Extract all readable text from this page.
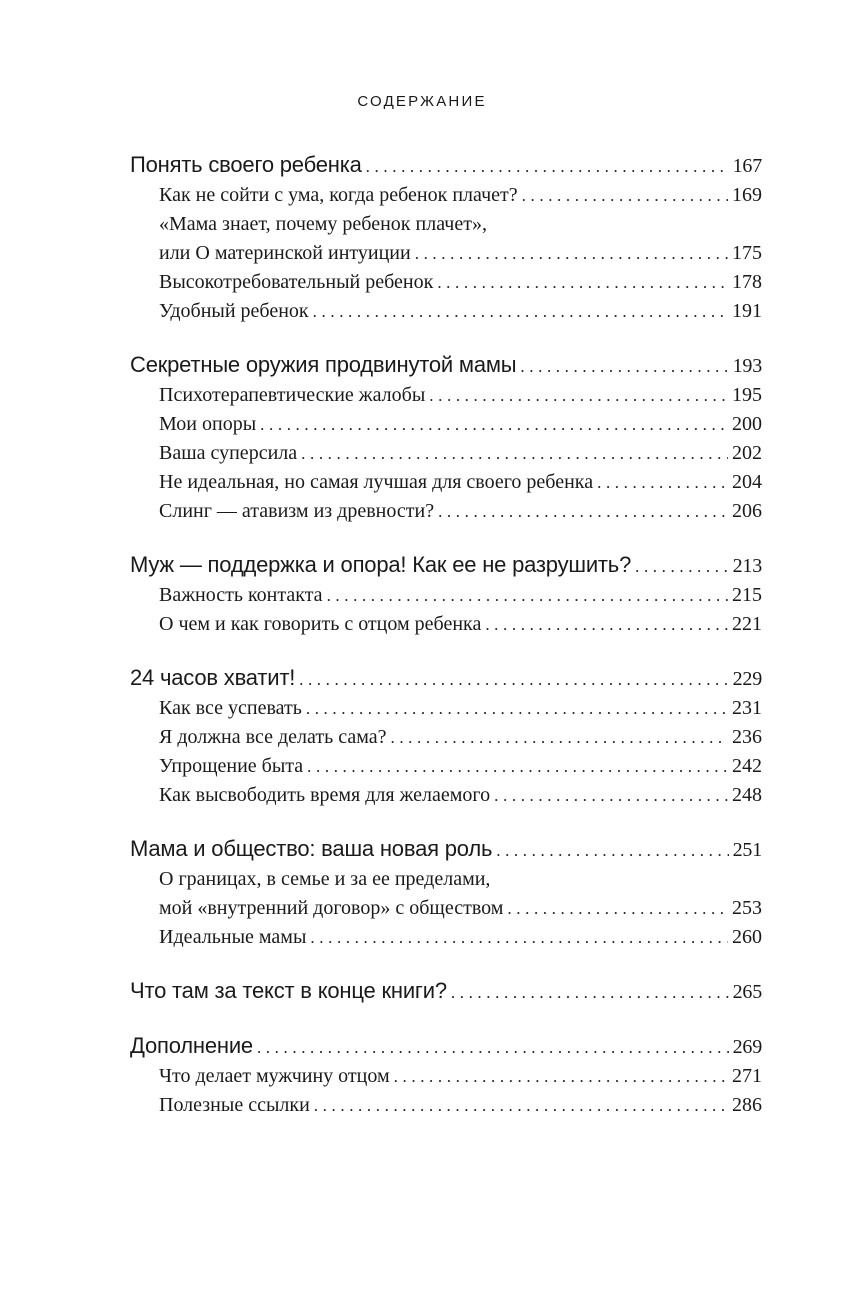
СОДЕРЖАНИЕ
Понять своего ребенка .....	167
Как не сойти с ума, когда ребенок плачет? .....	169
«Мама знает, почему ребенок плачет»,
или О материнской интуиции .....	175
Высокотребовательный ребенок .....	178
Удобный ребенок .....	191
Секретные оружия продвинутой мамы .....	193
Психотерапевтические жалобы .....	195
Мои опоры .....	200
Ваша суперсила .....	202
Не идеальная, но самая лучшая для своего ребенка .....	204
Слинг — атавизм из древности? .....	206
Муж — поддержка и опора! Как ее не разрушить? .....	213
Важность контакта .....	215
О чем и как говорить с отцом ребенка .....	221
24 часов хватит! .....	229
Как все успевать .....	231
Я должна все делать сама? .....	236
Упрощение быта .....	242
Как высвободить время для желаемого .....	248
Мама и общество: ваша новая роль .....	251
О границах, в семье и за ее пределами,
мой «внутренний договор» с обществом .....	253
Идеальные мамы .....	260
Что там за текст в конце книги? .....	265
Дополнение .....	269
Что делает мужчину отцом .....	271
Полезные ссылки .....	286
